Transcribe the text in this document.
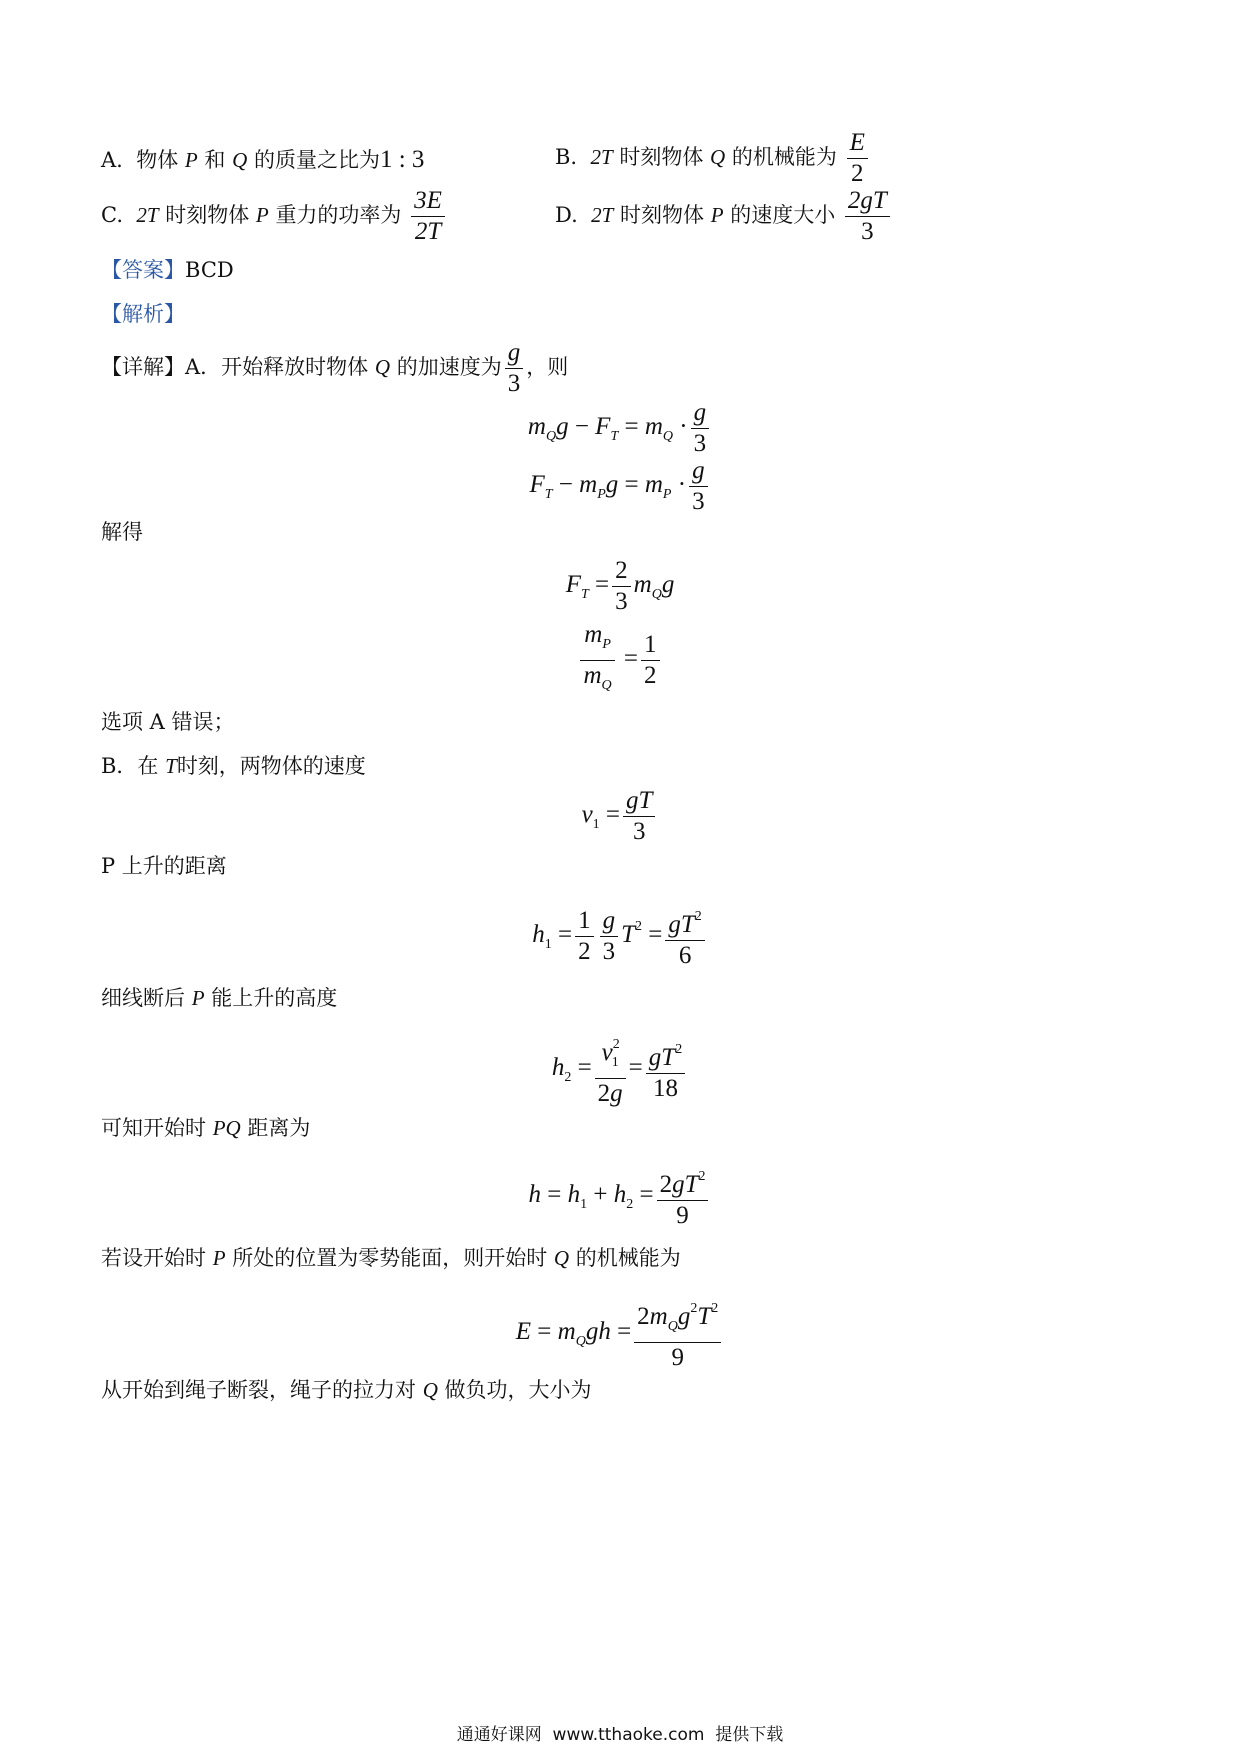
A. 物体 P 和 Q 的质量之比为1 : 3	B. 2T 时刻物体 Q 的机械能为 $\frac{E}{2}$
C. 2T 时刻物体 P 重力的功率为 $\frac{3E}{2T}$	D. 2T 时刻物体 P 的速度大小 $\frac{2gT}{3}$
【答案】BCD
【解析】
【详解】A．开始释放时物体 Q 的加速度为 $\frac{g}{3}$ ，则
$m_Qg - F_T = m_Q \cdot \frac{g}{3}$
$F_T - m_Pg = m_P \cdot \frac{g}{3}$
解得
$F_T = \frac{2}{3} m_Qg$
$\frac{m_P}{m_Q} = \frac{1}{2}$
选项 A 错误；
B．在 T时刻，两物体的速度
$v_1 = \frac{gT}{3}$
P 上升的距离
$h_1 = \frac{1}{2} \frac{g}{3} T^2 = \frac{gT^2}{6}$
细线断后 P 能上升的高度
$h_2 = \frac{v^2_1}{2g} = \frac{gT^2}{18}$
可知开始时 PQ 距离为
$h = h_1 + h_2 = \frac{2gT^2}{9}$
若设开始时 P 所处的位置为零势能面，则开始时 Q 的机械能为
$E = m_Qgh = \frac{2m_Qg^2T^2}{9}$
从开始到绳子断裂，绳子的拉力对 Q 做负功，大小为
通通好课网 www.tthaoke.com 提供下载
